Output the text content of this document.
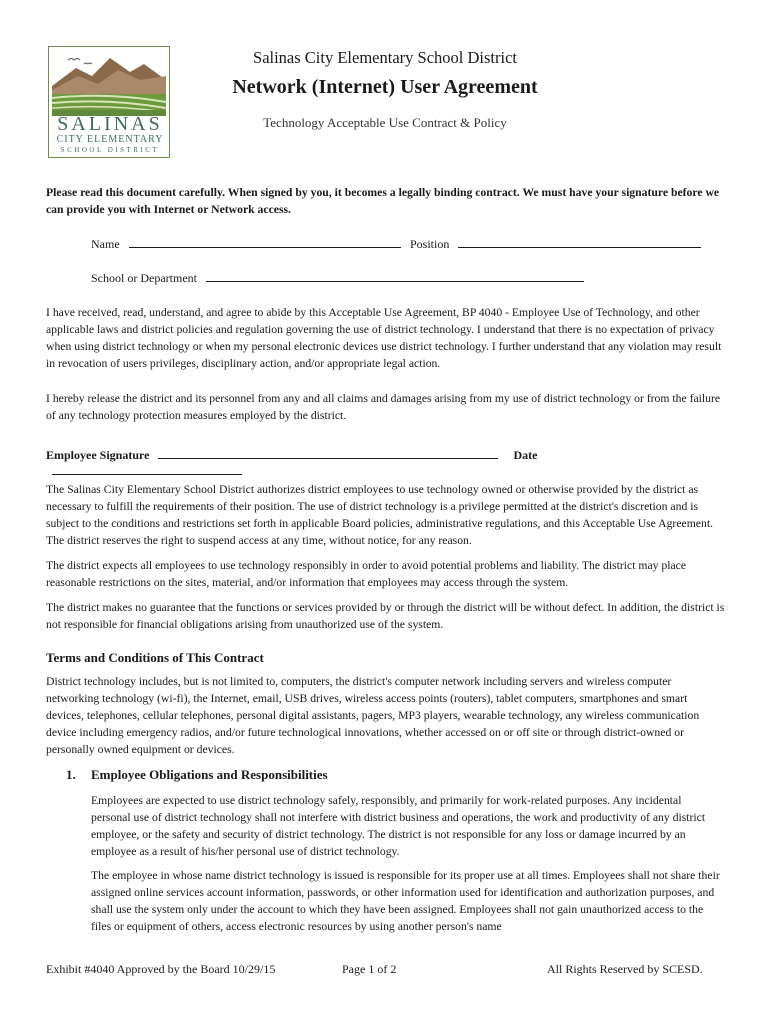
SALINAS
CITY ELEMENTARY
SCHOOL DISTRICT
Salinas City Elementary School District
Network (Internet) User Agreement
Technology Acceptable Use Contract & Policy
Please read this document carefully. When signed by you, it becomes a legally binding contract. We must have your signature before we can provide you with Internet or Network access.
Name	Position
School or Department
I have received, read, understand, and agree to abide by this Acceptable Use Agreement, BP 4040 - Employee Use of Technology, and other applicable laws and district policies and regulation governing the use of district technology. I understand that there is no expectation of privacy when using district technology or when my personal electronic devices use district technology. I further understand that any violation may result in revocation of users privileges, disciplinary action, and/or appropriate legal action.
I hereby release the district and its personnel from any and all claims and damages arising from my use of district technology or from the failure of any technology protection measures employed by the district.
Employee Signature	Date
The Salinas City Elementary School District authorizes district employees to use technology owned or otherwise provided by the district as necessary to fulfill the requirements of their position. The use of district technology is a privilege permitted at the district's discretion and is subject to the conditions and restrictions set forth in applicable Board policies, administrative regulations, and this Acceptable Use Agreement. The district reserves the right to suspend access at any time, without notice, for any reason.
The district expects all employees to use technology responsibly in order to avoid potential problems and liability. The district may place reasonable restrictions on the sites, material, and/or information that employees may access through the system.
The district makes no guarantee that the functions or services provided by or through the district will be without defect. In addition, the district is not responsible for financial obligations arising from unauthorized use of the system.
Terms and Conditions of This Contract
District technology includes, but is not limited to, computers, the district's computer network including servers and wireless computer networking technology (wi-fi), the Internet, email, USB drives, wireless access points (routers), tablet computers, smartphones and smart devices, telephones, cellular telephones, personal digital assistants, pagers, MP3 players, wearable technology, any wireless communication device including emergency radios, and/or future technological innovations, whether accessed on or off site or through district-owned or personally owned equipment or devices.
1. Employee Obligations and Responsibilities
Employees are expected to use district technology safely, responsibly, and primarily for work-related purposes. Any incidental personal use of district technology shall not interfere with district business and operations, the work and productivity of any district employee, or the safety and security of district technology. The district is not responsible for any loss or damage incurred by an employee as a result of his/her personal use of district technology.
The employee in whose name district technology is issued is responsible for its proper use at all times. Employees shall not share their assigned online services account information, passwords, or other information used for identification and authorization purposes, and shall use the system only under the account to which they have been assigned. Employees shall not gain unauthorized access to the files or equipment of others, access electronic resources by using another person's name
Exhibit #4040 Approved by the Board 10/29/15	Page 1 of 2	All Rights Reserved by SCESD.
